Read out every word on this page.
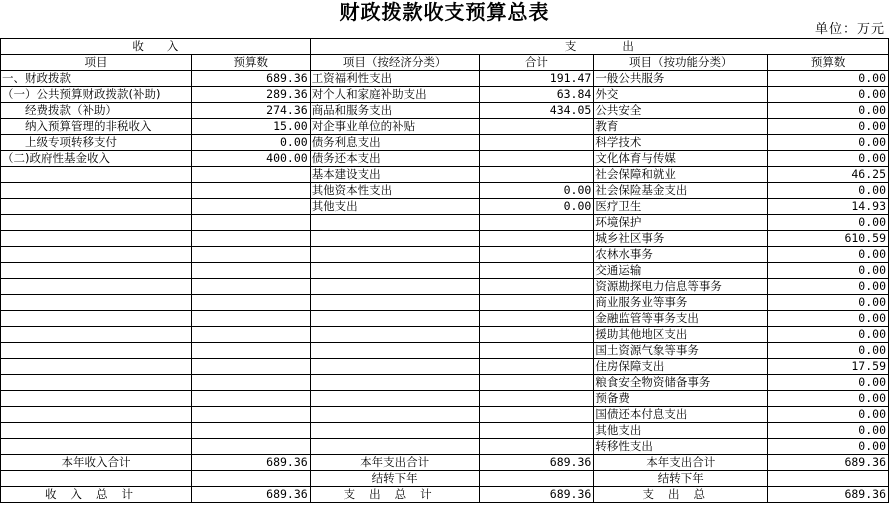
财政拨款收支预算总表
单位：万元
收　　入		支　　　　出			
项目	预算数	项目（按经济分类）	合计	项目（按功能分类）	预算数
一、财政拨款	689.36	工资福利性支出	191.47	一般公共服务	0.00
（一）公共预算财政拨款(补助)	289.36	对个人和家庭补助支出	63.84	外交	0.00
　　经费拨款（补助）	274.36	商品和服务支出	434.05	公共安全	0.00
　　纳入预算管理的非税收入	15.00	对企事业单位的补贴		教育	0.00
　　上级专项转移支付	0.00	债务利息支出		科学技术	0.00
（二)政府性基金收入	400.00	债务还本支出		文化体育与传媒	0.00
		基本建设支出		社会保障和就业	46.25
		其他资本性支出	0.00	社会保险基金支出	0.00
		其他支出	0.00	医疗卫生	14.93
				环境保护	0.00
				城乡社区事务	610.59
				农林水事务	0.00
				交通运输	0.00
				资源勘探电力信息等事务	0.00
				商业服务业等事务	0.00
				金融监管等事务支出	0.00
				援助其他地区支出	0.00
				国土资源气象等事务	0.00
				住房保障支出	17.59
				粮食安全物资储备事务	0.00
				预备费	0.00
				国债还本付息支出	0.00
				其他支出	0.00
				转移性支出	0.00
本年收入合计	689.36	本年支出合计	689.36	本年支出合计	689.36
		结转下年		结转下年	
收入总计	689.36	支出总计	689.36	支出总	689.36
